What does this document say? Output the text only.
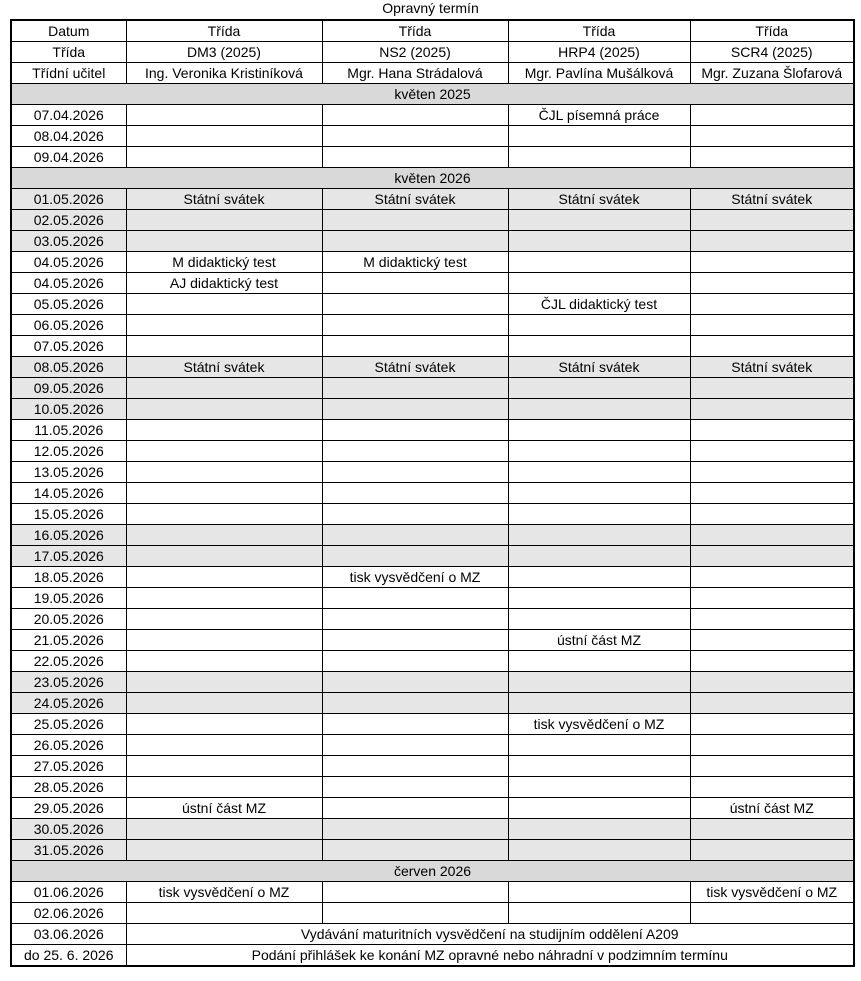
Opravný termín
Datum	Třída	Třída	Třída	Třída
Třída	DM3 (2025)	NS2 (2025)	HRP4 (2025)	SCR4 (2025)
Třídní učitel	Ing. Veronika Kristiníková	Mgr. Hana Strádalová	Mgr. Pavlína Mušálková	Mgr. Zuzana Šlofarová
květen 2025				
07.04.2026			ČJL písemná práce	
08.04.2026				
09.04.2026				
květen 2026				
01.05.2026	Státní svátek	Státní svátek	Státní svátek	Státní svátek
02.05.2026				
03.05.2026				
04.05.2026	M didaktický test	M didaktický test		
04.05.2026	AJ didaktický test			
05.05.2026			ČJL didaktický test	
06.05.2026				
07.05.2026				
08.05.2026	Státní svátek	Státní svátek	Státní svátek	Státní svátek
09.05.2026				
10.05.2026				
11.05.2026				
12.05.2026				
13.05.2026				
14.05.2026				
15.05.2026				
16.05.2026				
17.05.2026				
18.05.2026		tisk vysvědčení o MZ		
19.05.2026				
20.05.2026				
21.05.2026			ústní část MZ	
22.05.2026				
23.05.2026				
24.05.2026				
25.05.2026			tisk vysvědčení o MZ	
26.05.2026				
27.05.2026				
28.05.2026				
29.05.2026	ústní část MZ			ústní část MZ
30.05.2026				
31.05.2026				
červen 2026				
01.06.2026	tisk vysvědčení o MZ			tisk vysvědčení o MZ
02.06.2026				
03.06.2026	Vydávání maturitních vysvědčení na studijním oddělení A209			
do 25. 6. 2026	Podání přihlášek ke konání MZ opravné nebo náhradní v podzimním termínu			
